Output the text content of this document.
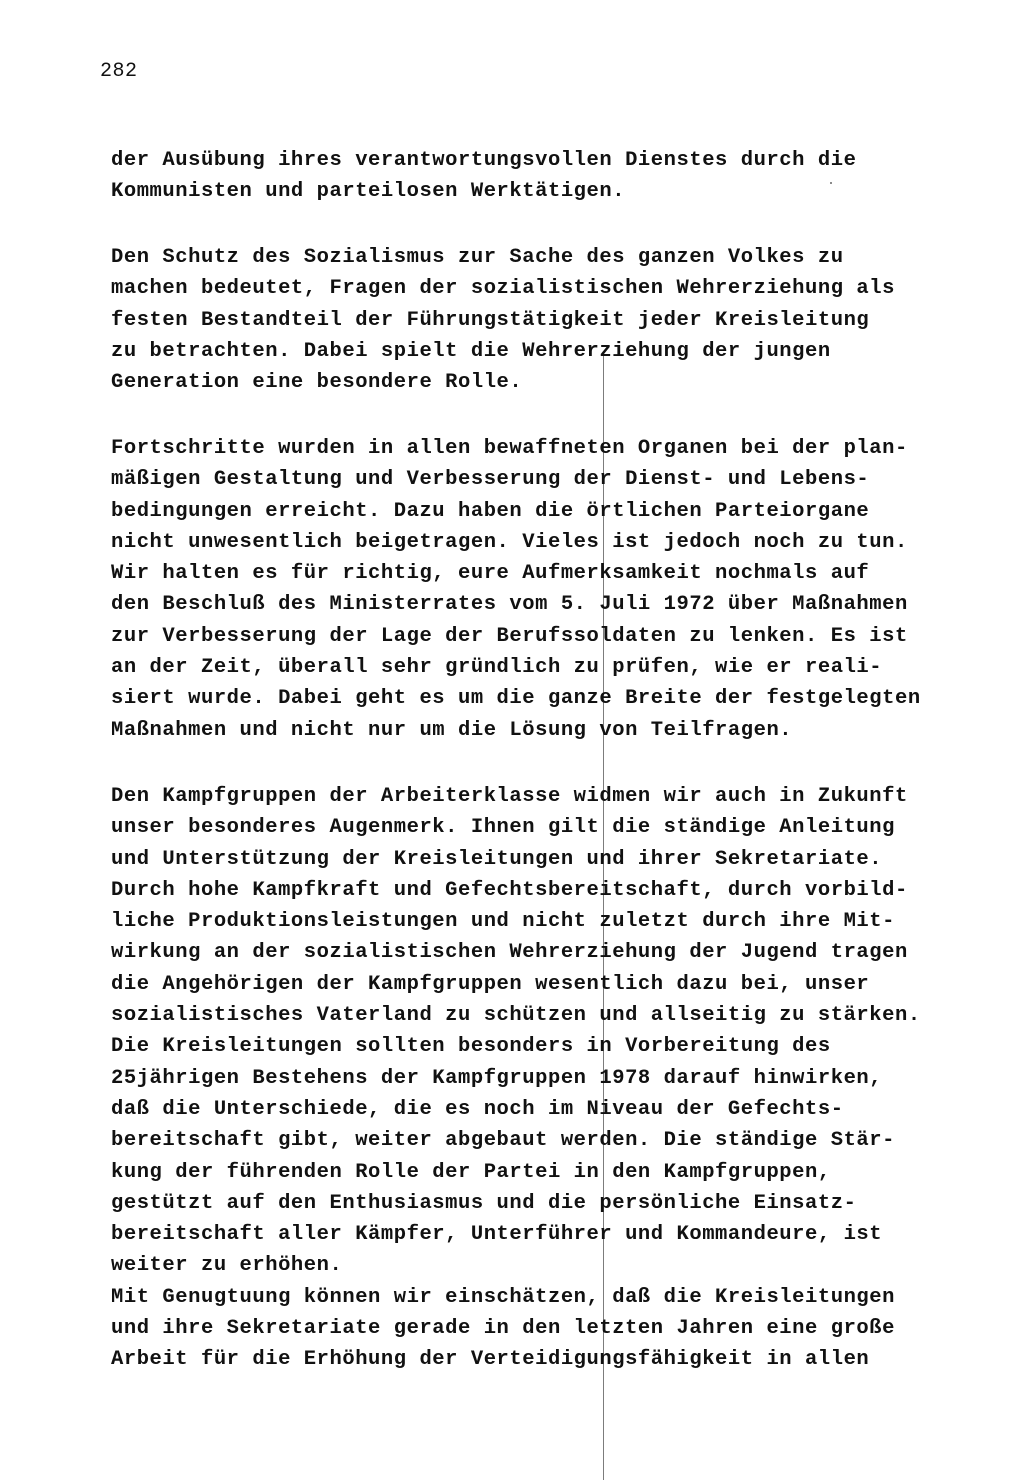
282
der Ausübung ihres verantwortungsvollen Dienstes durch die
Kommunisten und parteilosen Werktätigen.
Den Schutz des Sozialismus zur Sache des ganzen Volkes zu
machen bedeutet, Fragen der sozialistischen Wehrerziehung als
festen Bestandteil der Führungstätigkeit jeder Kreisleitung
zu betrachten. Dabei spielt die Wehrerziehung der jungen
Generation eine besondere Rolle.
Fortschritte wurden in allen bewaffneten Organen bei der plan-
mäßigen Gestaltung und Verbesserung der Dienst- und Lebens-
bedingungen erreicht. Dazu haben die örtlichen Parteiorgane
nicht unwesentlich beigetragen. Vieles ist jedoch noch zu tun.
Wir halten es für richtig, eure Aufmerksamkeit nochmals auf
den Beschluß des Ministerrates vom 5. Juli 1972 über Maßnahmen
zur Verbesserung der Lage der Berufssoldaten zu lenken. Es ist
an der Zeit, überall sehr gründlich zu prüfen, wie er reali-
siert wurde. Dabei geht es um die ganze Breite der festgelegten
Maßnahmen und nicht nur um die Lösung von Teilfragen.
Den Kampfgruppen der Arbeiterklasse widmen wir auch in Zukunft
unser besonderes Augenmerk. Ihnen gilt die ständige Anleitung
und Unterstützung der Kreisleitungen und ihrer Sekretariate.
Durch hohe Kampfkraft und Gefechtsbereitschaft, durch vorbild-
liche Produktionsleistungen und nicht zuletzt durch ihre Mit-
wirkung an der sozialistischen Wehrerziehung der Jugend tragen
die Angehörigen der Kampfgruppen wesentlich dazu bei, unser
sozialistisches Vaterland zu schützen und allseitig zu stärken.
Die Kreisleitungen sollten besonders in Vorbereitung des
25jährigen Bestehens der Kampfgruppen 1978 darauf hinwirken,
daß die Unterschiede, die es noch im Niveau der Gefechts-
bereitschaft gibt, weiter abgebaut werden. Die ständige Stär-
kung der führenden Rolle der Partei in den Kampfgruppen,
gestützt auf den Enthusiasmus und die persönliche Einsatz-
bereitschaft aller Kämpfer, Unterführer und Kommandeure, ist
weiter zu erhöhen.
Mit Genugtuung können wir einschätzen, daß die Kreisleitungen
und ihre Sekretariate gerade in den letzten Jahren eine große
Arbeit für die Erhöhung der Verteidigungsfähigkeit in allen
